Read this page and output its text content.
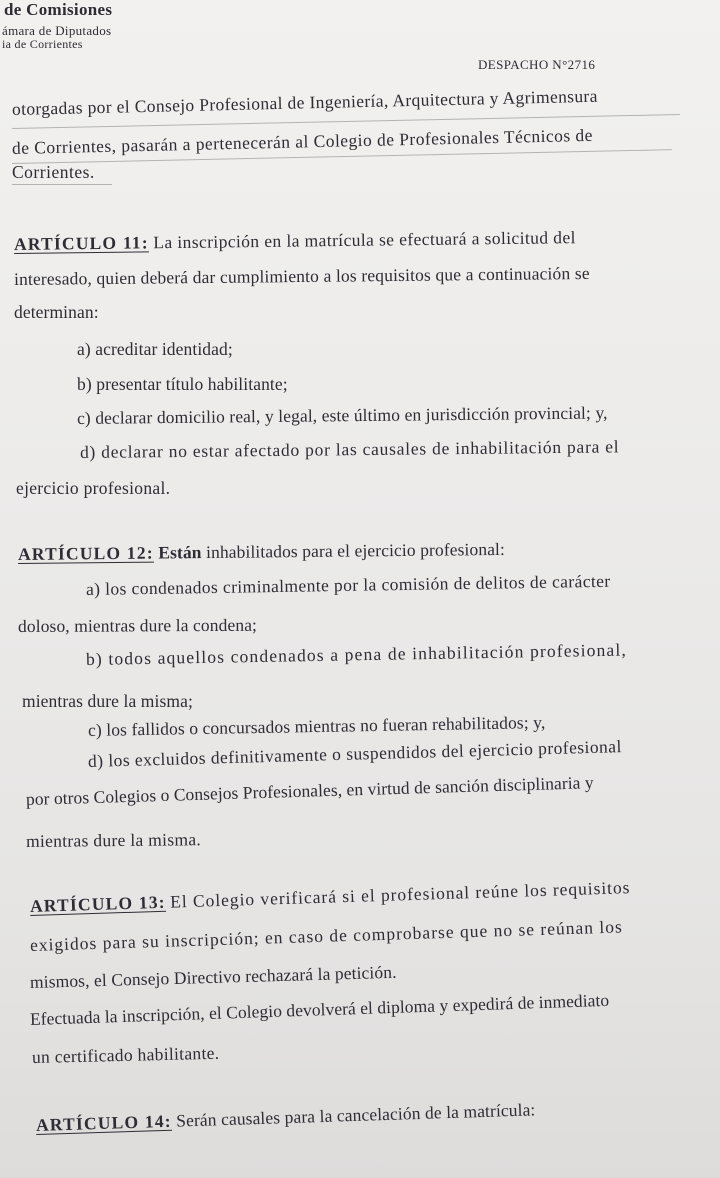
de Comisiones
ámara de Diputados
ia de Corrientes
DESPACHO N°2716
otorgadas por el Consejo Profesional de Ingeniería, Arquitectura y Agrimensura
de Corrientes, pasarán a pertenecerán al Colegio de Profesionales Técnicos de
Corrientes.
ARTÍCULO 11: La inscripción en la matrícula se efectuará a solicitud del
interesado, quien deberá dar cumplimiento a los requisitos que a continuación se
determinan:
a) acreditar identidad;
b) presentar título habilitante;
c) declarar domicilio real, y legal, este último en jurisdicción provincial; y,
d) declarar no estar afectado por las causales de inhabilitación para el
ejercicio profesional.
ARTÍCULO 12: Están inhabilitados para el ejercicio profesional:
a) los condenados criminalmente por la comisión de delitos de carácter
doloso, mientras dure la condena;
b) todos aquellos condenados a pena de inhabilitación profesional,
mientras dure la misma;
c) los fallidos o concursados mientras no fueran rehabilitados; y,
d) los excluidos definitivamente o suspendidos del ejercicio profesional
por otros Colegios o Consejos Profesionales, en virtud de sanción disciplinaria y
mientras dure la misma.
ARTÍCULO 13: El Colegio verificará si el profesional reúne los requisitos
exigidos para su inscripción; en caso de comprobarse que no se reúnan los
mismos, el Consejo Directivo rechazará la petición.
Efectuada la inscripción, el Colegio devolverá el diploma y expedirá de inmediato
un certificado habilitante.
ARTÍCULO 14: Serán causales para la cancelación de la matrícula:
